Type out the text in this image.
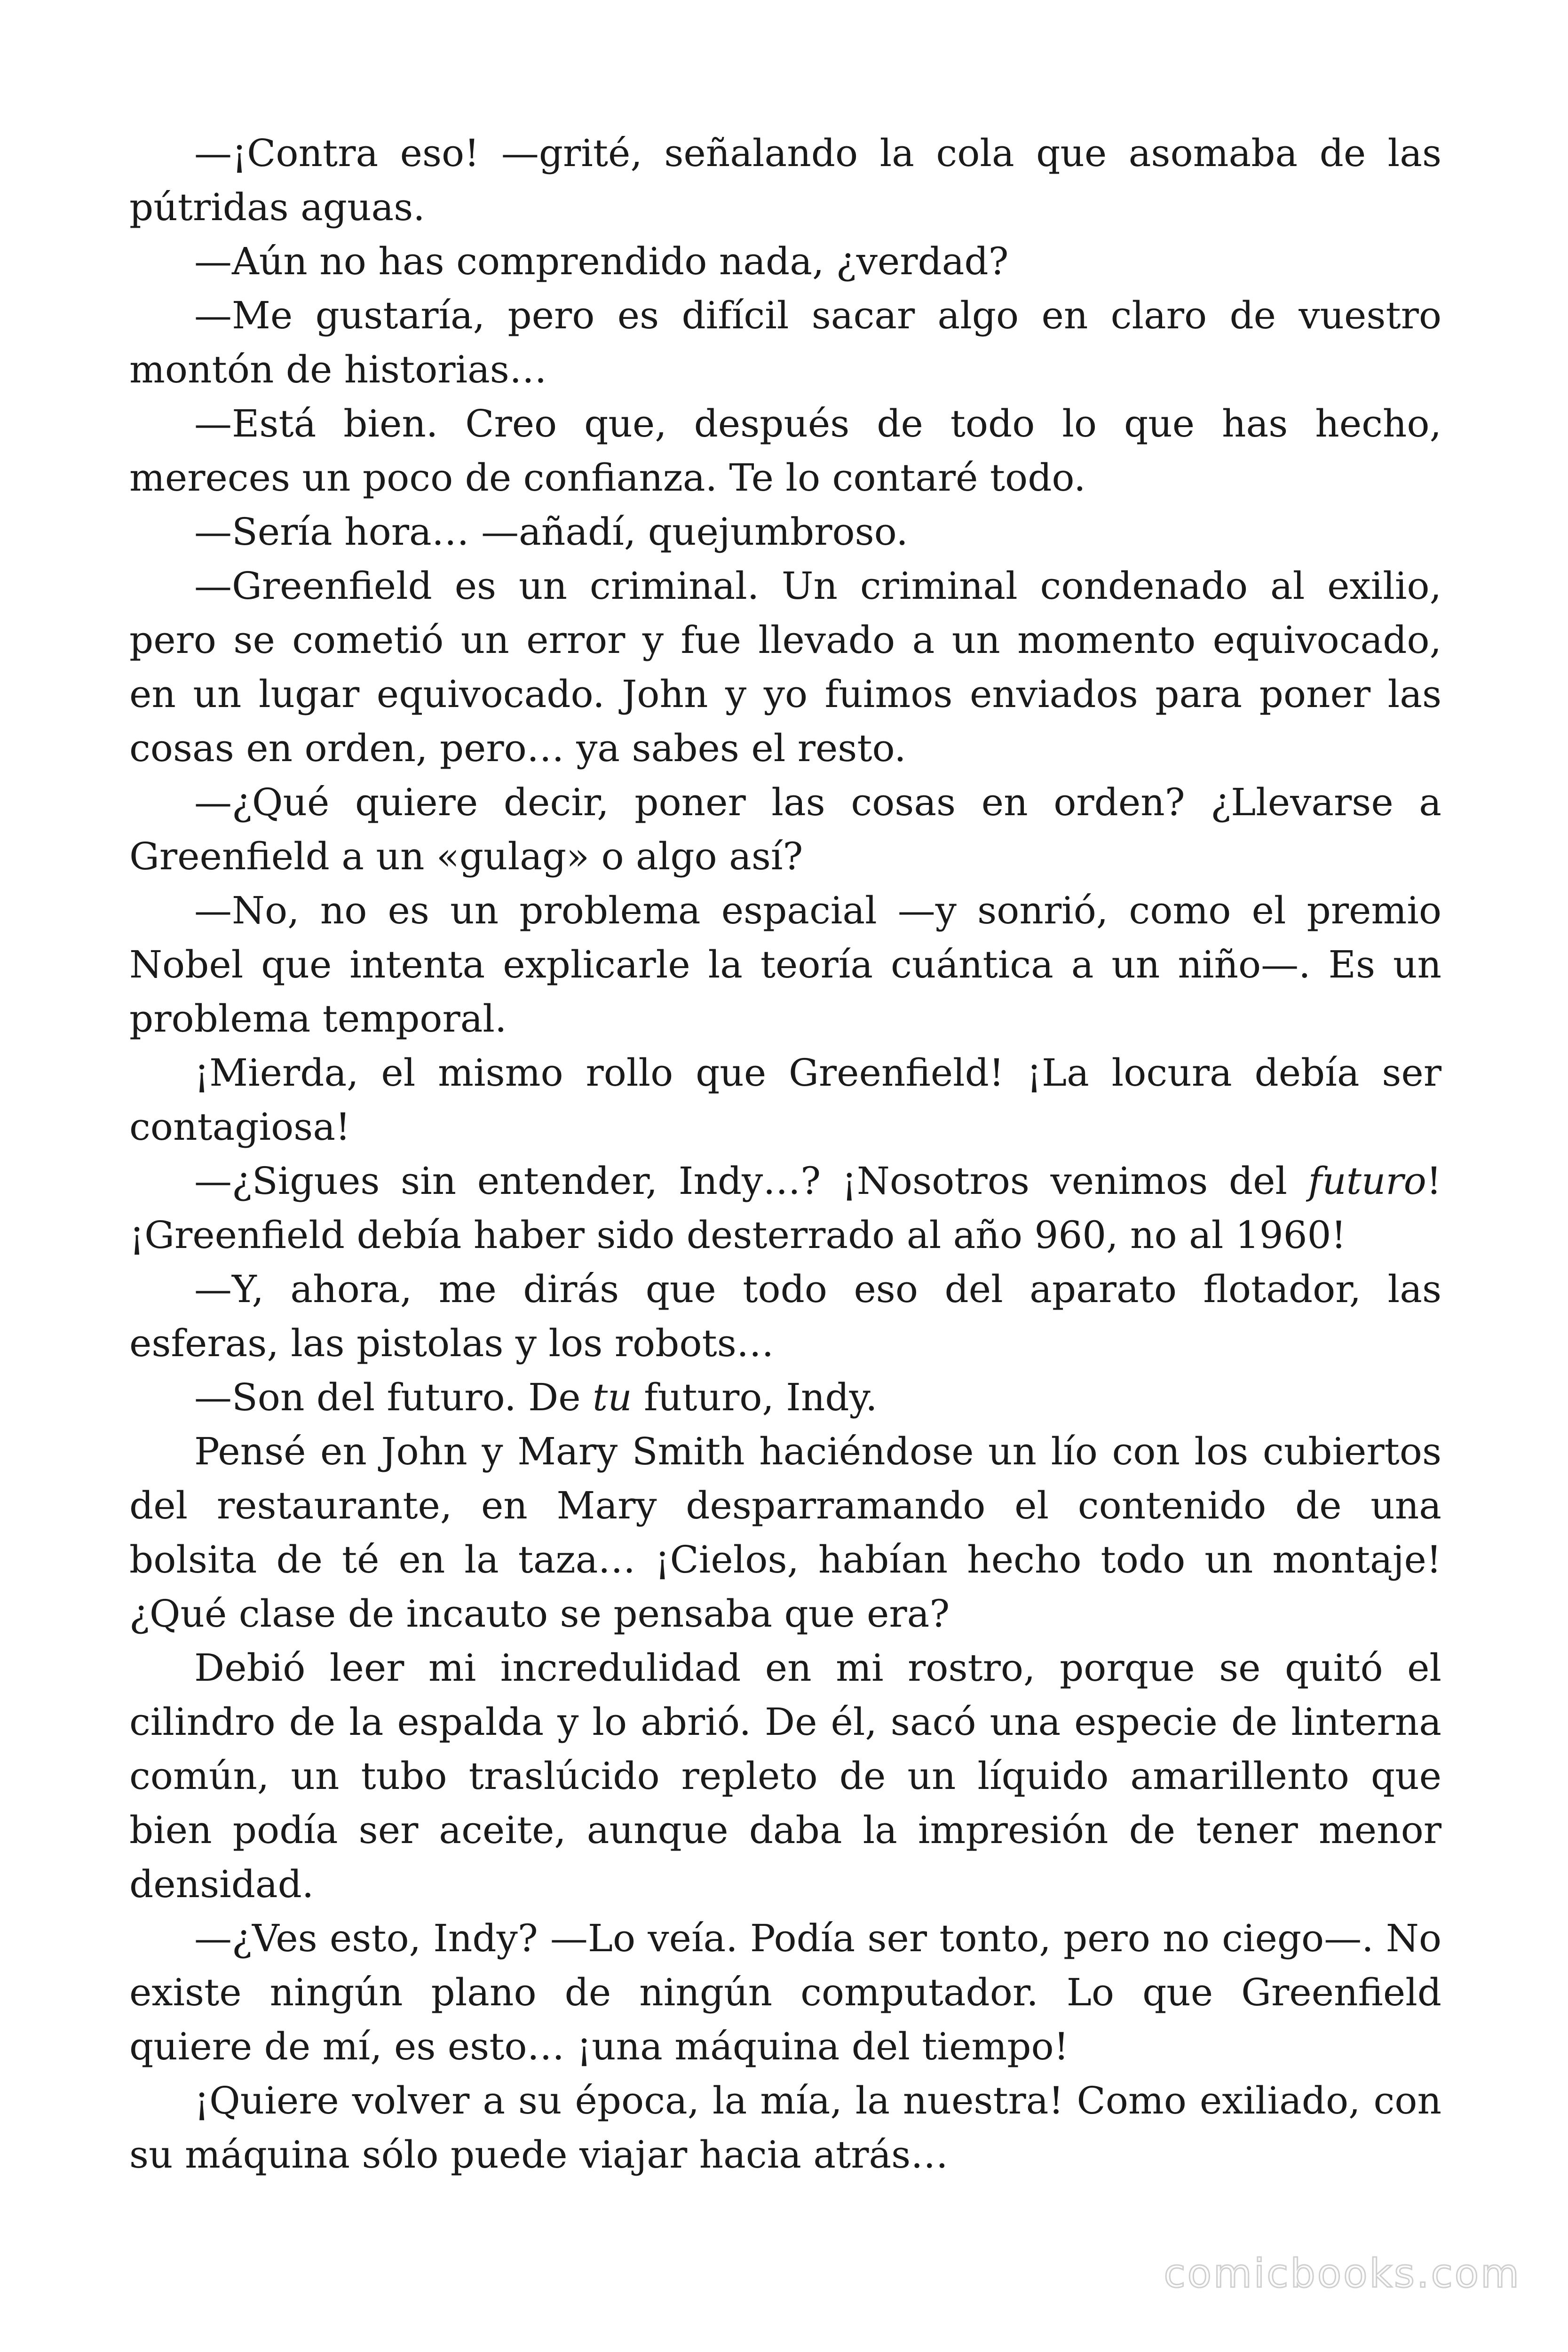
—¡Contra eso! —grité, señalando la cola que asomaba de las pútridas aguas.

—Aún no has comprendido nada, ¿verdad?

—Me gustaría, pero es difícil sacar algo en claro de vuestro montón de historias…

—Está bien. Creo que, después de todo lo que has hecho, mereces un poco de confianza. Te lo contaré todo.

—Sería hora… —añadí, quejumbroso.

—Greenfield es un criminal. Un criminal condenado al exilio, pero se cometió un error y fue llevado a un momento equivocado, en un lugar equivocado. John y yo fuimos enviados para poner las cosas en orden, pero… ya sabes el resto.

—¿Qué quiere decir, poner las cosas en orden? ¿Llevarse a Greenfield a un «gulag» o algo así?

—No, no es un problema espacial —y sonrió, como el premio Nobel que intenta explicarle la teoría cuántica a un niño—. Es un problema temporal.

¡Mierda, el mismo rollo que Greenfield! ¡La locura debía ser contagiosa!

—¿Sigues sin entender, Indy…? ¡Nosotros venimos del futuro! ¡Greenfield debía haber sido desterrado al año 960, no al 1960!

—Y, ahora, me dirás que todo eso del aparato flotador, las esferas, las pistolas y los robots…

—Son del futuro. De tu futuro, Indy.

Pensé en John y Mary Smith haciéndose un lío con los cubiertos del restaurante, en Mary desparramando el contenido de una bolsita de té en la taza… ¡Cielos, habían hecho todo un montaje! ¿Qué clase de incauto se pensaba que era?

Debió leer mi incredulidad en mi rostro, porque se quitó el cilindro de la espalda y lo abrió. De él, sacó una especie de linterna común, un tubo traslúcido repleto de un líquido amarillento que bien podía ser aceite, aunque daba la impresión de tener menor densidad.

—¿Ves esto, Indy? —Lo veía. Podía ser tonto, pero no ciego—. No existe ningún plano de ningún computador. Lo que Greenfield quiere de mí, es esto… ¡una máquina del tiempo!

¡Quiere volver a su época, la mía, la nuestra! Como exiliado, con su máquina sólo puede viajar hacia atrás…

comicbooks.com
